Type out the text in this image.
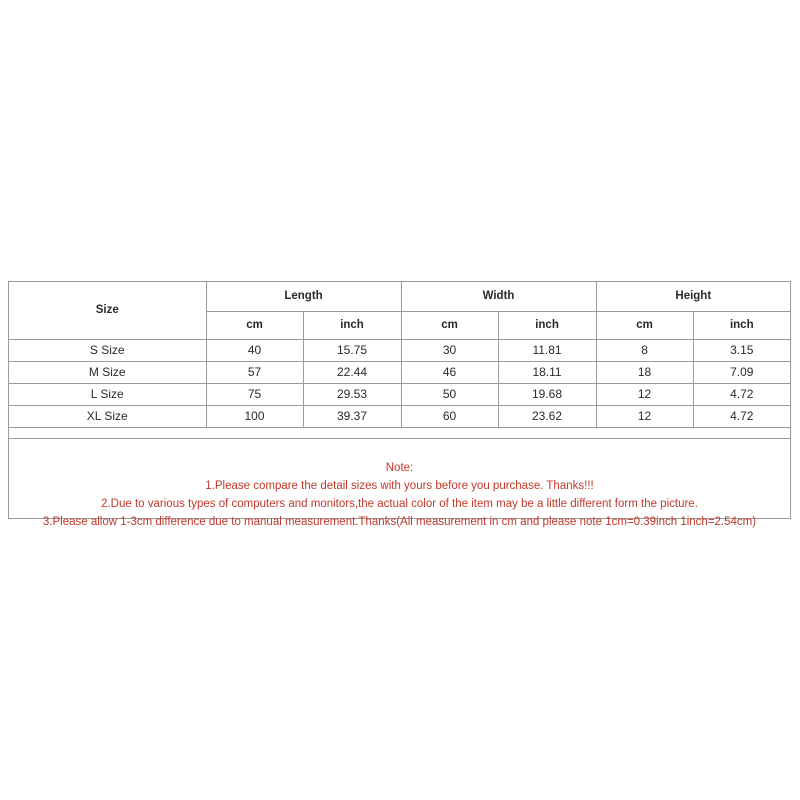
Size	Length		Width		Height	
	cm	inch	cm	inch	cm	inch
S Size	40	15.75	30	11.81	8	3.15
M Size	57	22.44	46	18.11	18	7.09
L Size	75	29.53	50	19.68	12	4.72
XL Size	100	39.37	60	23.62	12	4.72
Note:
1.Please compare the detail sizes with yours before you purchase. Thanks!!!
2.Due to various types of computers and monitors,the actual color of the item may be a little different form the picture.
3.Please allow 1-3cm difference due to manual measurement.Thanks(All measurement in cm and please note 1cm=0.39inch 1inch=2.54cm)
